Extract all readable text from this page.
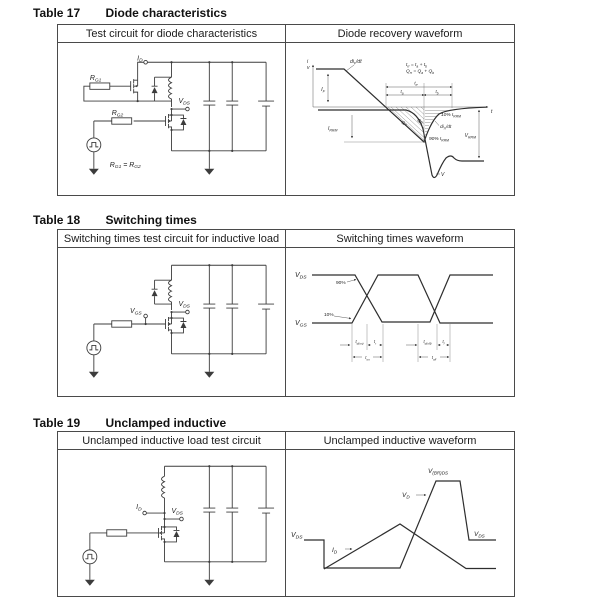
Table 17 Diode characteristics
Test circuit for diode characteristics	Diode recovery waveform
ID
RG1
VDS
RG2
RG1 = RG2
i
v
t
$I_F$
$I_{RRM}$
$di_F/dt$
$t_{rr} = t_a + t_b$
$Q_{rr} = Q_a + Q_b$
$t_{rr}$
$t_a$	$t_b$
$Q_a$
$Q_b$
90% $I_{RRM}$
10% $I_{RRM}$
$di_{rr}/dt$
$V_{RRM}$
V
Table 18 Switching times
Switching times test circuit for inductive load	Switching times waveform
VDS
VGS
VDS
VGS
90%
10%
$t_{d(on)}$ $t_r$	$t_{d(off)}$	$t_f$
$t_{on}$	$t_{off}$
Table 19 Unclamped inductive
Unclamped inductive load test circuit	Unclamped inductive waveform
ID	VDS
VDS
$I_D$
$V_D$
$V_{(BR)DS}$
$V_{DS}$
